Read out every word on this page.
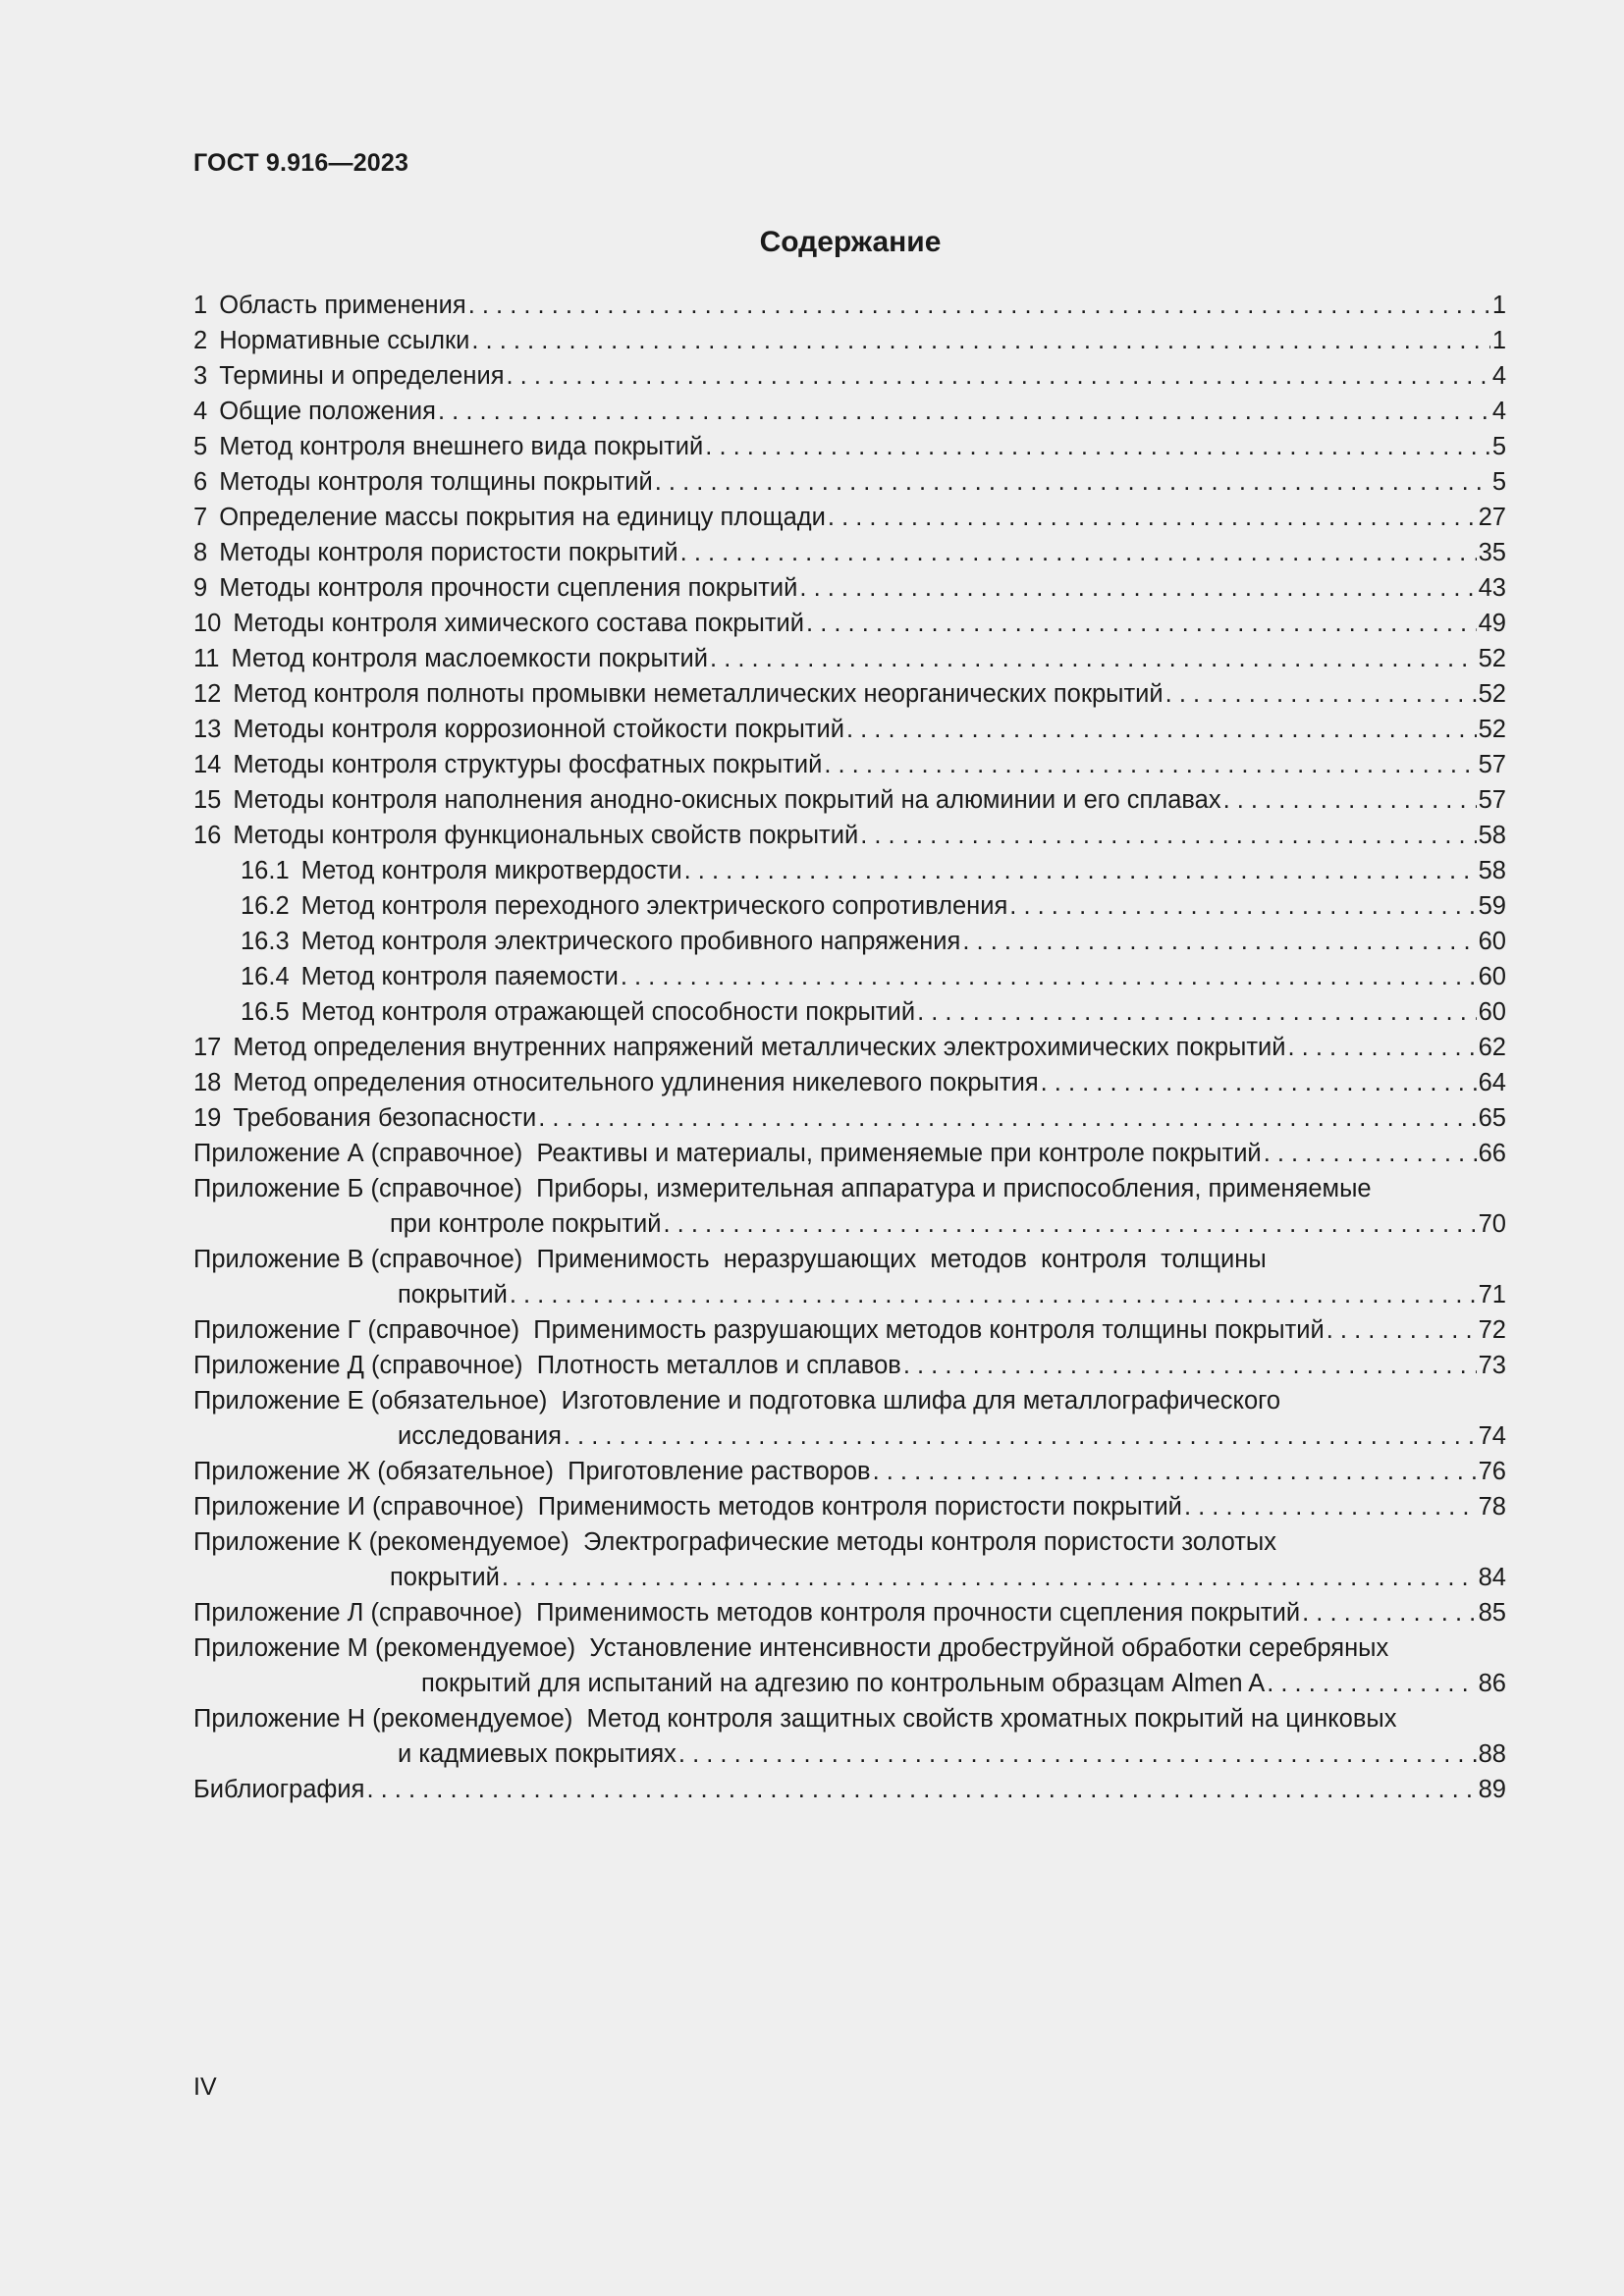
ГОСТ 9.916—2023
Содержание
1 Область применения . . .	1
2 Нормативные ссылки . . .	1
3 Термины и определения . . .	4
4 Общие положения . . .	4
5 Метод контроля внешнего вида покрытий . . .	5
6 Методы контроля толщины покрытий . . .	5
7 Определение массы покрытия на единицу площади . . .	27
8 Методы контроля пористости покрытий . . .	35
9 Методы контроля прочности сцепления покрытий . . .	43
10 Методы контроля химического состава покрытий . . .	49
11 Метод контроля маслоемкости покрытий . . .	52
12 Метод контроля полноты промывки неметаллических неорганических покрытий . . .	52
13 Методы контроля коррозионной стойкости покрытий . . .	52
14 Методы контроля структуры фосфатных покрытий . . .	57
15 Методы контроля наполнения анодно-окисных покрытий на алюминии и его сплавах . . .	57
16 Методы контроля функциональных свойств покрытий . . .	58
16.1 Метод контроля микротвердости . . .	58
16.2 Метод контроля переходного электрического сопротивления . . .	59
16.3 Метод контроля электрического пробивного напряжения . . .	60
16.4 Метод контроля паяемости . . .	60
16.5 Метод контроля отражающей способности покрытий . . .	60
17 Метод определения внутренних напряжений металлических электрохимических покрытий . . .	62
18 Метод определения относительного удлинения никелевого покрытия . . .	64
19 Требования безопасности . . .	65
Приложение А (справочное) Реактивы и материалы, применяемые при контроле покрытий . . .	66
Приложение Б (справочное) Приборы, измерительная аппаратура и приспособления, применяемые
при контроле покрытий . . .	70
Приложение В (справочное) Применимость  неразрушающих  методов  контроля  толщины
покрытий . . .	71
Приложение Г (справочное) Применимость разрушающих методов контроля толщины покрытий . . .	72
Приложение Д (справочное) Плотность металлов и сплавов . . .	73
Приложение Е (обязательное) Изготовление и подготовка шлифа для металлографического
исследования . . .	74
Приложение Ж (обязательное) Приготовление растворов . . .	76
Приложение И (справочное) Применимость методов контроля пористости покрытий . . .	78
Приложение К (рекомендуемое) Электрографические методы контроля пористости золотых
покрытий . . .	84
Приложение Л (справочное) Применимость методов контроля прочности сцепления покрытий . . .	85
Приложение М (рекомендуемое) Установление интенсивности дробеструйной обработки серебряных
покрытий для испытаний на адгезию по контрольным образцам Almen A . . .	86
Приложение Н (рекомендуемое) Метод контроля защитных свойств хроматных покрытий на цинковых
и кадмиевых покрытиях . . .	88
Библиография . . .	89
IV
